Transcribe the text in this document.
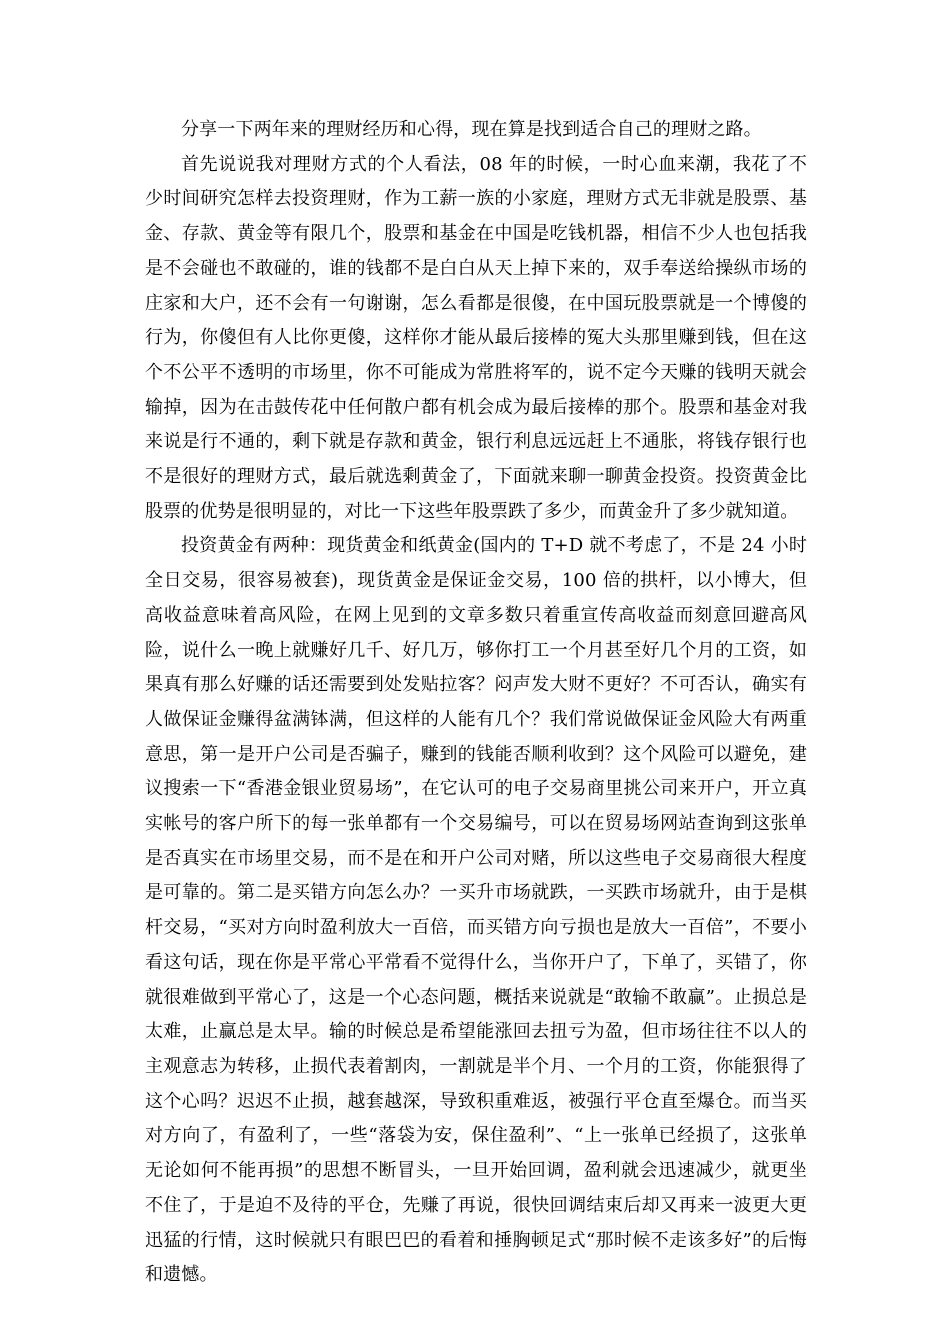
分享一下两年来的理财经历和心得，现在算是找到适合自己的理财之路。

首先说说我对理财方式的个人看法，08 年的时候，一时心血来潮，我花了不少时间研究怎样去投资理财，作为工薪一族的小家庭，理财方式无非就是股票、基金、存款、黄金等有限几个，股票和基金在中国是吃钱机器，相信不少人也包括我是不会碰也不敢碰的，谁的钱都不是白白从天上掉下来的，双手奉送给操纵市场的庄家和大户，还不会有一句谢谢，怎么看都是很傻，在中国玩股票就是一个博傻的行为，你傻但有人比你更傻，这样你才能从最后接棒的冤大头那里赚到钱，但在这个不公平不透明的市场里，你不可能成为常胜将军的，说不定今天赚的钱明天就会输掉，因为在击鼓传花中任何散户都有机会成为最后接棒的那个。股票和基金对我来说是行不通的，剩下就是存款和黄金，银行利息远远赶上不通胀，将钱存银行也不是很好的理财方式，最后就选剩黄金了，下面就来聊一聊黄金投资。投资黄金比股票的优势是很明显的，对比一下这些年股票跌了多少，而黄金升了多少就知道。

投资黄金有两种：现货黄金和纸黄金(国内的 T+D 就不考虑了，不是 24 小时全日交易，很容易被套)，现货黄金是保证金交易，100 倍的拱杆，以小博大，但高收益意味着高风险，在网上见到的文章多数只着重宣传高收益而刻意回避高风险，说什么一晚上就赚好几千、好几万，够你打工一个月甚至好几个月的工资，如果真有那么好赚的话还需要到处发贴拉客？闷声发大财不更好？不可否认，确实有人做保证金赚得盆满钵满，但这样的人能有几个？我们常说做保证金风险大有两重意思，第一是开户公司是否骗子，赚到的钱能否顺利收到？这个风险可以避免，建议搜索一下“香港金银业贸易场”，在它认可的电子交易商里挑公司来开户，开立真实帐号的客户所下的每一张单都有一个交易编号，可以在贸易场网站查询到这张单是否真实在市场里交易，而不是在和开户公司对赌，所以这些电子交易商很大程度是可靠的。第二是买错方向怎么办？一买升市场就跌，一买跌市场就升，由于是棋杆交易，“买对方向时盈利放大一百倍，而买错方向亏损也是放大一百倍”，不要小看这句话，现在你是平常心平常看不觉得什么，当你开户了，下单了，买错了，你就很难做到平常心了，这是一个心态问题，概括来说就是“敢输不敢赢”。止损总是太难，止赢总是太早。输的时候总是希望能涨回去扭亏为盈，但市场往往不以人的主观意志为转移，止损代表着割肉，一割就是半个月、一个月的工资，你能狠得了这个心吗？迟迟不止损，越套越深，导致积重难返，被强行平仓直至爆仓。而当买对方向了，有盈利了，一些“落袋为安，保住盈利”、“上一张单已经损了，这张单无论如何不能再损”的思想不断冒头，一旦开始回调，盈利就会迅速减少，就更坐不住了，于是迫不及待的平仓，先赚了再说，很快回调结束后却又再来一波更大更迅猛的行情，这时候就只有眼巴巴的看着和捶胸顿足式“那时候不走该多好”的后悔和遗憾。
